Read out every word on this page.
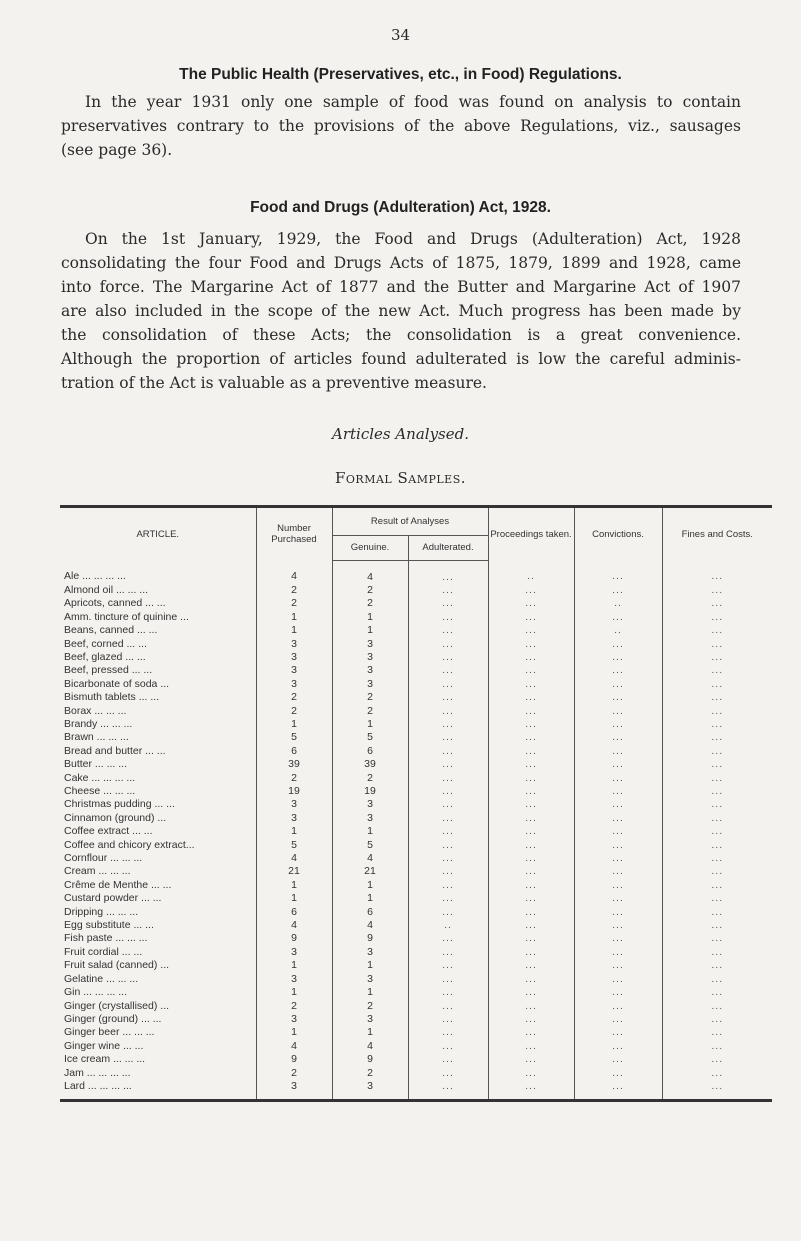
34
The Public Health (Preservatives, etc., in Food) Regulations.
In the year 1931 only one sample of food was found on analysis to contain
preservatives contrary to the provisions of the above Regulations, viz., sausages
(see page 36).
Food and Drugs (Adulteration) Act, 1928.
On the 1st January, 1929, the Food and Drugs (Adulteration) Act, 1928
consolidating the four Food and Drugs Acts of 1875, 1879, 1899 and 1928, came
into force. The Margarine Act of 1877 and the Butter and Margarine Act of 1907
are also included in the scope of the new Act. Much progress has been made by
the consolidation of these Acts; the consolidation is a great convenience.
Although the proportion of articles found adulterated is low the careful adminis-
tration of the Act is valuable as a preventive measure.
Articles Analysed.
Formal Samples.
ARTICLE.	Number Purchased	Result of Analyses		Proceedings taken.	Convictions.	Fines and Costs.
		Genuine.	Adulterated.			
Ale ... ... ... ...	4	4	...	..	...	...
Almond oil ... ... ...	2	2	...	...	...	...
Apricots, canned ... ...	2	2	...	...	..	...
Amm. tincture of quinine ...	1	1	...	...	...	...
Beans, canned ... ...	1	1	...	...	..	...
Beef, corned ... ...	3	3	...	...	...	...
Beef, glazed ... ...	3	3	...	...	...	...
Beef, pressed ... ...	3	3	...	...	...	...
Bicarbonate of soda ...	3	3	...	...	...	...
Bismuth tablets ... ...	2	2	...	...	...	...
Borax ... ... ...	2	2	...	...	...	...
Brandy ... ... ...	1	1	...	...	...	...
Brawn ... ... ...	5	5	...	...	...	...
Bread and butter ... ...	6	6	...	...	...	...
Butter ... ... ...	39	39	...	...	...	...
Cake ... ... ... ...	2	2	...	...	...	...
Cheese ... ... ...	19	19	...	...	...	...
Christmas pudding ... ...	3	3	...	...	...	...
Cinnamon (ground) ...	3	3	...	...	...	...
Coffee extract ... ...	1	1	...	...	...	...
Coffee and chicory extract...	5	5	...	...	...	...
Cornflour ... ... ...	4	4	...	...	...	...
Cream ... ... ...	21	21	...	...	...	...
Crême de Menthe ... ...	1	1	...	...	...	...
Custard powder ... ...	1	1	...	...	...	...
Dripping ... ... ...	6	6	...	...	...	...
Egg substitute ... ...	4	4	..	...	...	...
Fish paste ... ... ...	9	9	...	...	...	...
Fruit cordial ... ...	3	3	...	...	...	...
Fruit salad (canned) ...	1	1	...	...	...	...
Gelatine ... ... ...	3	3	...	...	...	...
Gin ... ... ... ...	1	1	...	...	...	...
Ginger (crystallised) ...	2	2	...	...	...	...
Ginger (ground) ... ...	3	3	...	...	...	...
Ginger beer ... ... ...	1	1	...	...	...	...
Ginger wine ... ...	4	4	...	...	...	...
Ice cream ... ... ...	9	9	...	...	...	...
Jam ... ... ... ...	2	2	...	...	...	...
Lard ... ... ... ...	3	3	...	...	...	...
